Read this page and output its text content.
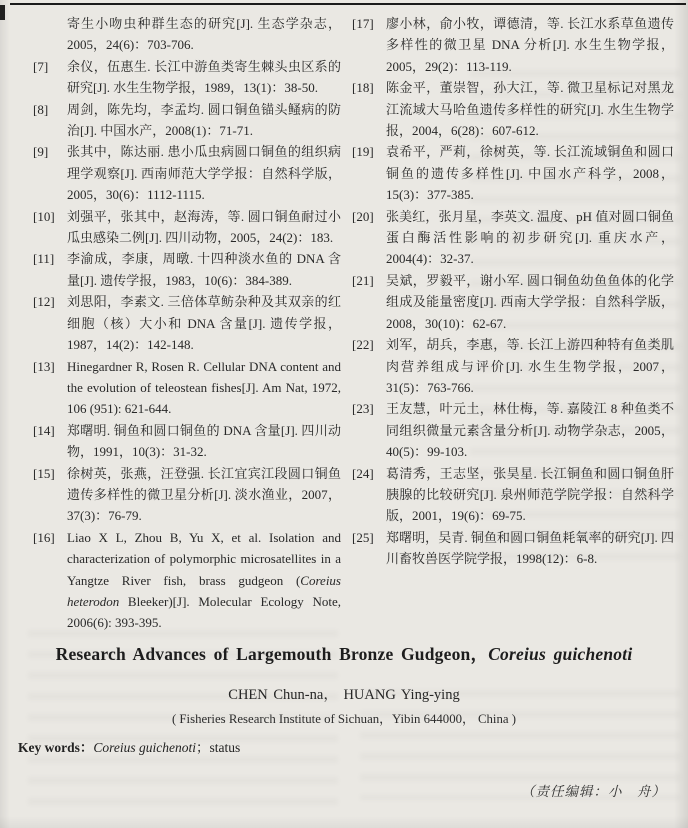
寄生小吻虫种群生态的研究[J]. 生态学杂志，2005，24(6)：703-706.
[7] 余仪，伍惠生. 长江中游鱼类寄生棘头虫区系的研究[J]. 水生生物学报，1989，13(1)：38-50.
[8] 周剑，陈先均，李孟均. 圆口铜鱼锚头鳋病的防治[J]. 中国水产，2008(1)：71-71.
[9] 张其中，陈达丽. 患小瓜虫病圆口铜鱼的组织病理学观察[J]. 西南师范大学学报：自然科学版，2005，30(6)：1112-1115.
[10] 刘强平，张其中，赵海涛，等. 圆口铜鱼耐过小瓜虫感染二例[J]. 四川动物，2005，24(2)：183.
[11] 李渝成，李康，周暾. 十四种淡水鱼的 DNA 含量[J]. 遗传学报，1983，10(6)：384-389.
[12] 刘思阳，李素文. 三倍体草鲂杂种及其双亲的红细胞（核）大小和 DNA 含量[J]. 遗传学报，1987，14(2)：142-148.
[13] Hinegardner R, Rosen R. Cellular DNA content and the evolution of teleostean fishes[J]. Am Nat, 1972, 106 (951): 621-644.
[14] 郑曙明. 铜鱼和圆口铜鱼的 DNA 含量[J]. 四川动物，1991，10(3)：31-32.
[15] 徐树英，张燕，汪登强. 长江宜宾江段圆口铜鱼遗传多样性的微卫星分析[J]. 淡水渔业，2007，37(3)：76-79.
[16] Liao X L, Zhou B, Yu X, et al. Isolation and characterization of polymorphic microsatellites in a Yangtze River fish, brass gudgeon (Coreius heterodon Bleeker)[J]. Molecular Ecology Note, 2006(6): 393-395.
[17] 廖小林，俞小牧，谭德清，等. 长江水系草鱼遗传多样性的微卫星 DNA 分析[J]. 水生生物学报，2005，29(2)：113-119.
[18] 陈金平，董崇智，孙大江，等. 微卫星标记对黑龙江流域大马哈鱼遗传多样性的研究[J]. 水生生物学报，2004，6(28)：607-612.
[19] 袁希平，严莉，徐树英，等. 长江流域铜鱼和圆口铜鱼的遗传多样性[J]. 中国水产科学，2008，15(3)：377-385.
[20] 张美红，张月星，李英文. 温度、pH 值对圆口铜鱼蛋白酶活性影响的初步研究[J]. 重庆水产，2004(4)：32-37.
[21] 吴斌，罗毅平，谢小军. 圆口铜鱼幼鱼鱼体的化学组成及能量密度[J]. 西南大学学报：自然科学版，2008，30(10)：62-67.
[22] 刘军，胡兵，李惠，等. 长江上游四种特有鱼类肌肉营养组成与评价[J]. 水生生物学报，2007，31(5)：763-766.
[23] 王友慧，叶元土，林仕梅，等. 嘉陵江 8 种鱼类不同组织微量元素含量分析[J]. 动物学杂志，2005，40(5)：99-103.
[24] 葛清秀，王志坚，张昊星. 长江铜鱼和圆口铜鱼肝胰腺的比较研究[J]. 泉州师范学院学报：自然科学版，2001，19(6)：69-75.
[25] 郑曙明，吴青. 铜鱼和圆口铜鱼耗氧率的研究[J]. 四川畜牧兽医学院学报，1998(12)：6-8.
Research Advances of Largemouth Bronze Gudgeon，Coreius guichenoti
CHEN Chun-na， HUANG Ying-ying
( Fisheries Research Institute of Sichuan，Yibin 644000， China )
Key words：Coreius guichenoti；status
（责任编辑：小　舟）
